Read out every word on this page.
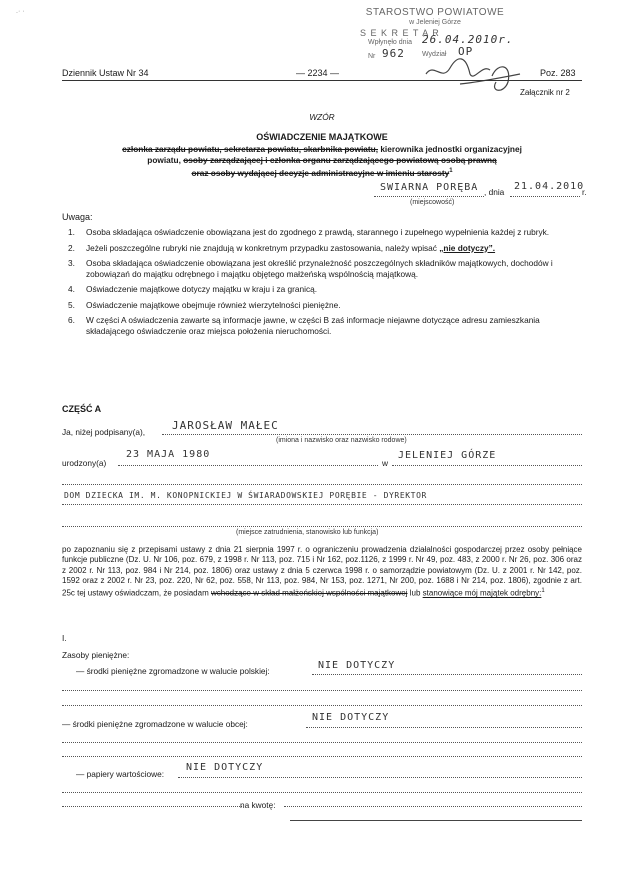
.· ·	STAROSTWO POWIATOWE
w Jeleniej Górze
S E K R E T A R
Wpłynęło dnia 26.04.2010r.
Nr 962 Wydział OP
Dziennik Ustaw Nr 34	— 2234 —	Poz. 283
Załącznik nr 2
WZÓR
OŚWIADCZENIE MAJĄTKOWE
członka zarządu powiatu, sekretarza powiatu, skarbnika powiatu, kierownika jednostki organizacyjnej
powiatu, osoby zarządzającej i członka organu zarządzającego powiatową osobą prawną
oraz osoby wydającej decyzje administracyjne w imieniu starosty$^1$
SWIARNA PORĘBA , dnia 21.04.2010
r.
(miejscowość)
Uwaga:
1. Osoba składająca oświadczenie obowiązana jest do zgodnego z prawdą, starannego i zupełnego wypełnienia każdej z rubryk.
2. Jeżeli poszczególne rubryki nie znajdują w konkretnym przypadku zastosowania, należy wpisać „nie dotyczy”.
3. Osoba składająca oświadczenie obowiązana jest określić przynależność poszczególnych składników majątkowych, dochodów i zobowiązań do majątku odrębnego i majątku objętego małżeńską wspólnością majątkową.
4. Oświadczenie majątkowe dotyczy majątku w kraju i za granicą.
5. Oświadczenie majątkowe obejmuje również wierzytelności pieniężne.
6. W części A oświadczenia zawarte są informacje jawne, w części B zaś informacje niejawne dotyczące adresu zamieszkania składającego oświadczenie oraz miejsca położenia nieruchomości.
CZĘŚĆ A
Ja, niżej podpisany(a), JAROSŁAW MAŁEC
(imiona i nazwisko oraz nazwisko rodowe)
urodzony(a)
23 MAJA 1980
w
JELENIEJ GÓRZE
DOM DZIECKA IM. M. KONOPNICKIEJ W ŚWIARADOWSKIEJ PORĘBIE - DYREKTOR
(miejsce zatrudnienia, stanowisko lub funkcja)
po zapoznaniu się z przepisami ustawy z dnia 21 sierpnia 1997 r. o ograniczeniu prowadzenia działalności gospodarczej przez osoby pełniące funkcje publiczne (Dz. U. Nr 106, poz. 679, z 1998 r. Nr 113, poz. 715 i Nr 162, poz.1126, z 1999 r. Nr 49, poz. 483, z 2000 r. Nr 26, poz. 306 oraz z 2002 r. Nr 113, poz. 984 i Nr 214, poz. 1806) oraz ustawy z dnia 5 czerwca 1998 r. o samorządzie powiatowym (Dz. U. z 2001 r. Nr 142, poz. 1592 oraz z 2002 r. Nr 23, poz. 220, Nr 62, poz. 558, Nr 113, poz. 984, Nr 153, poz. 1271, Nr 200, poz. 1688 i Nr 214, poz. 1806), zgodnie z art. 25c tej ustawy oświadczam, że posiadam wchodzące w skład małżeńskiej wspólności majątkowej lub stanowiące mój majątek odrębny:$^1$
I.
Zasoby pieniężne:
— środki pieniężne zgromadzone w walucie polskiej:	NIE DOTYCZY
— środki pieniężne zgromadzone w walucie obcej:
NIE DOTYCZY
— papiery wartościowe:
NIE DOTYCZY
na kwotę:
